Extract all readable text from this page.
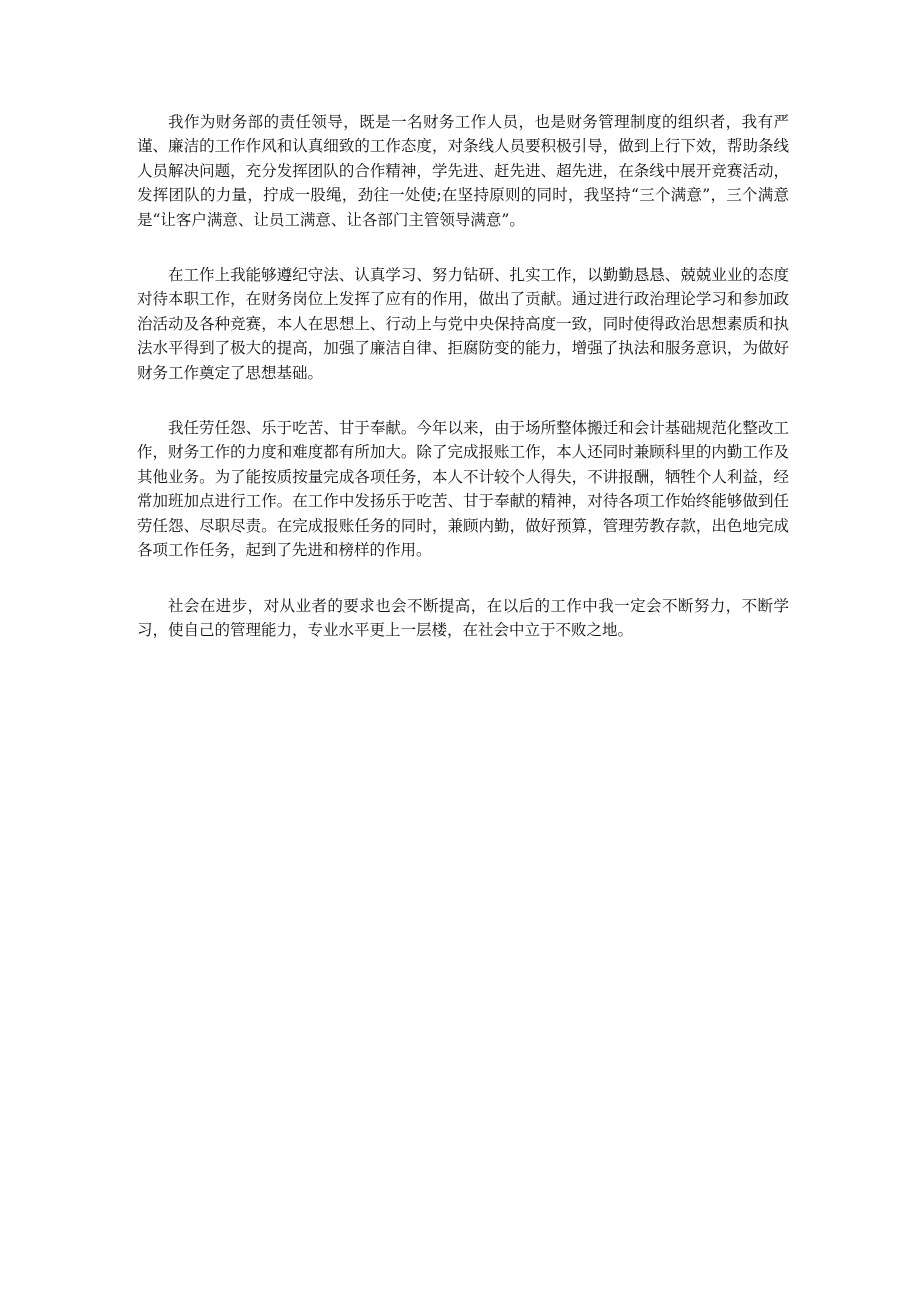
我作为财务部的责任领导，既是一名财务工作人员，也是财务管理制度的组织者，我有严谨、廉洁的工作作风和认真细致的工作态度，对条线人员要积极引导，做到上行下效，帮助条线人员解决问题，充分发挥团队的合作精神，学先进、赶先进、超先进，在条线中展开竞赛活动，发挥团队的力量，拧成一股绳，劲往一处使;在坚持原则的同时，我坚持“三个满意”，三个满意是“让客户满意、让员工满意、让各部门主管领导满意”。

在工作上我能够遵纪守法、认真学习、努力钻研、扎实工作，以勤勤恳恳、兢兢业业的态度对待本职工作，在财务岗位上发挥了应有的作用，做出了贡献。通过进行政治理论学习和参加政治活动及各种竞赛，本人在思想上、行动上与党中央保持高度一致，同时使得政治思想素质和执法水平得到了极大的提高，加强了廉洁自律、拒腐防变的能力，增强了执法和服务意识，为做好财务工作奠定了思想基础。

我任劳任怨、乐于吃苦、甘于奉献。今年以来，由于场所整体搬迁和会计基础规范化整改工作，财务工作的力度和难度都有所加大。除了完成报账工作，本人还同时兼顾科里的内勤工作及其他业务。为了能按质按量完成各项任务，本人不计较个人得失，不讲报酬，牺牲个人利益，经常加班加点进行工作。在工作中发扬乐于吃苦、甘于奉献的精神，对待各项工作始终能够做到任劳任怨、尽职尽责。在完成报账任务的同时，兼顾内勤，做好预算，管理劳教存款，出色地完成各项工作任务，起到了先进和榜样的作用。

社会在进步，对从业者的要求也会不断提高，在以后的工作中我一定会不断努力，不断学习，使自己的管理能力，专业水平更上一层楼，在社会中立于不败之地。
